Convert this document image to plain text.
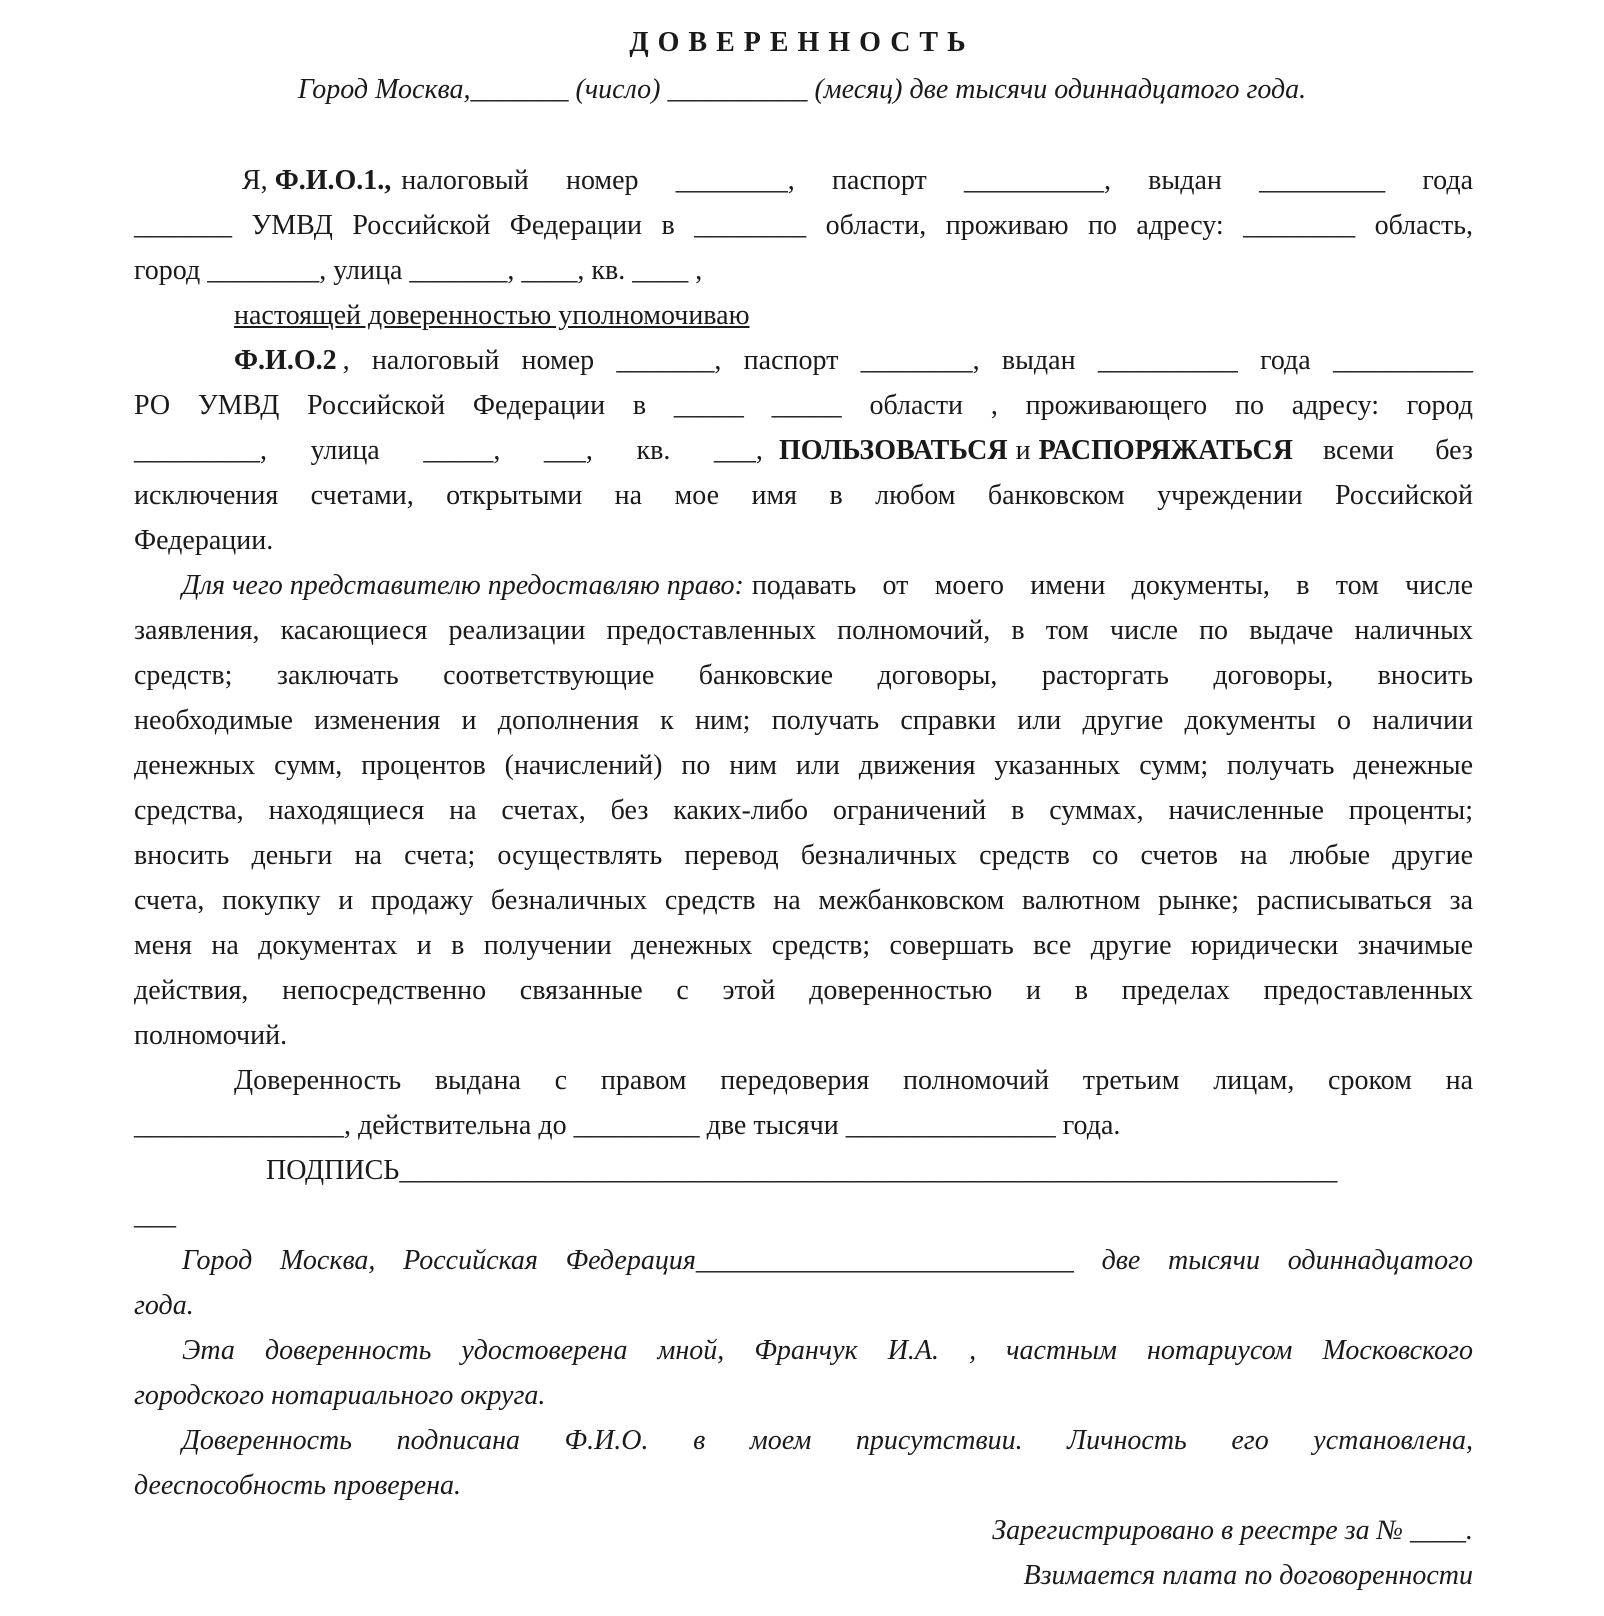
ДОВЕРЕННОСТЬ
Город Москва,_______ (число) __________ (месяц) две тысячи одиннадцатого года.
Я, Ф.И.О.1., налоговый номер ________, паспорт __________, выдан _________ года
_______ УМВД Российской Федерации в ________ области, проживаю по адресу: ________ область,
город ________, улица _______, ____, кв. ____ ,
настоящей доверенностью уполномочиваю
Ф.И.О.2 , налоговый номер _______, паспорт ________, выдан __________ года __________
РО УМВД Российской Федерации в _____ _____ области , проживающего по адресу: город
_________, улица _____, ___, кв. ___, ПОЛЬЗОВАТЬСЯ и РАСПОРЯЖАТЬСЯ всеми без
исключения счетами, открытыми на мое имя в любом банковском учреждении Российской
Федерации.
Для чего представителю предоставляю право: подавать от моего имени документы, в том числе
заявления, касающиеся реализации предоставленных полномочий, в том числе по выдаче наличных
средств; заключать соответствующие банковские договоры, расторгать договоры, вносить
необходимые изменения и дополнения к ним; получать справки или другие документы о наличии
денежных сумм, процентов (начислений) по ним или движения указанных сумм; получать денежные
средства, находящиеся на счетах, без каких-либо ограничений в суммах, начисленные проценты;
вносить деньги на счета; осуществлять перевод безналичных средств со счетов на любые другие
счета, покупку и продажу безналичных средств на межбанковском валютном рынке; расписываться за
меня на документах и в получении денежных средств; совершать все другие юридически значимые
действия, непосредственно связанные с этой доверенностью и в пределах предоставленных
полномочий.
Доверенность выдана с правом передоверия полномочий третьим лицам, сроком на
_______________, действительна до _________ две тысячи _______________ года.
ПОДПИСЬ___________________________________________________________________
___
Город Москва, Российская Федерация___________________________ две тысячи одиннадцатого
года.
Эта доверенность удостоверена мной, Франчук И.А. , частным нотариусом Московского
городского нотариального округа.
Доверенность подписана Ф.И.О. в моем присутствии. Личность его установлена,
дееспособность проверена.
Зарегистрировано в реестре за № ____.
Взимается плата по договоренности
